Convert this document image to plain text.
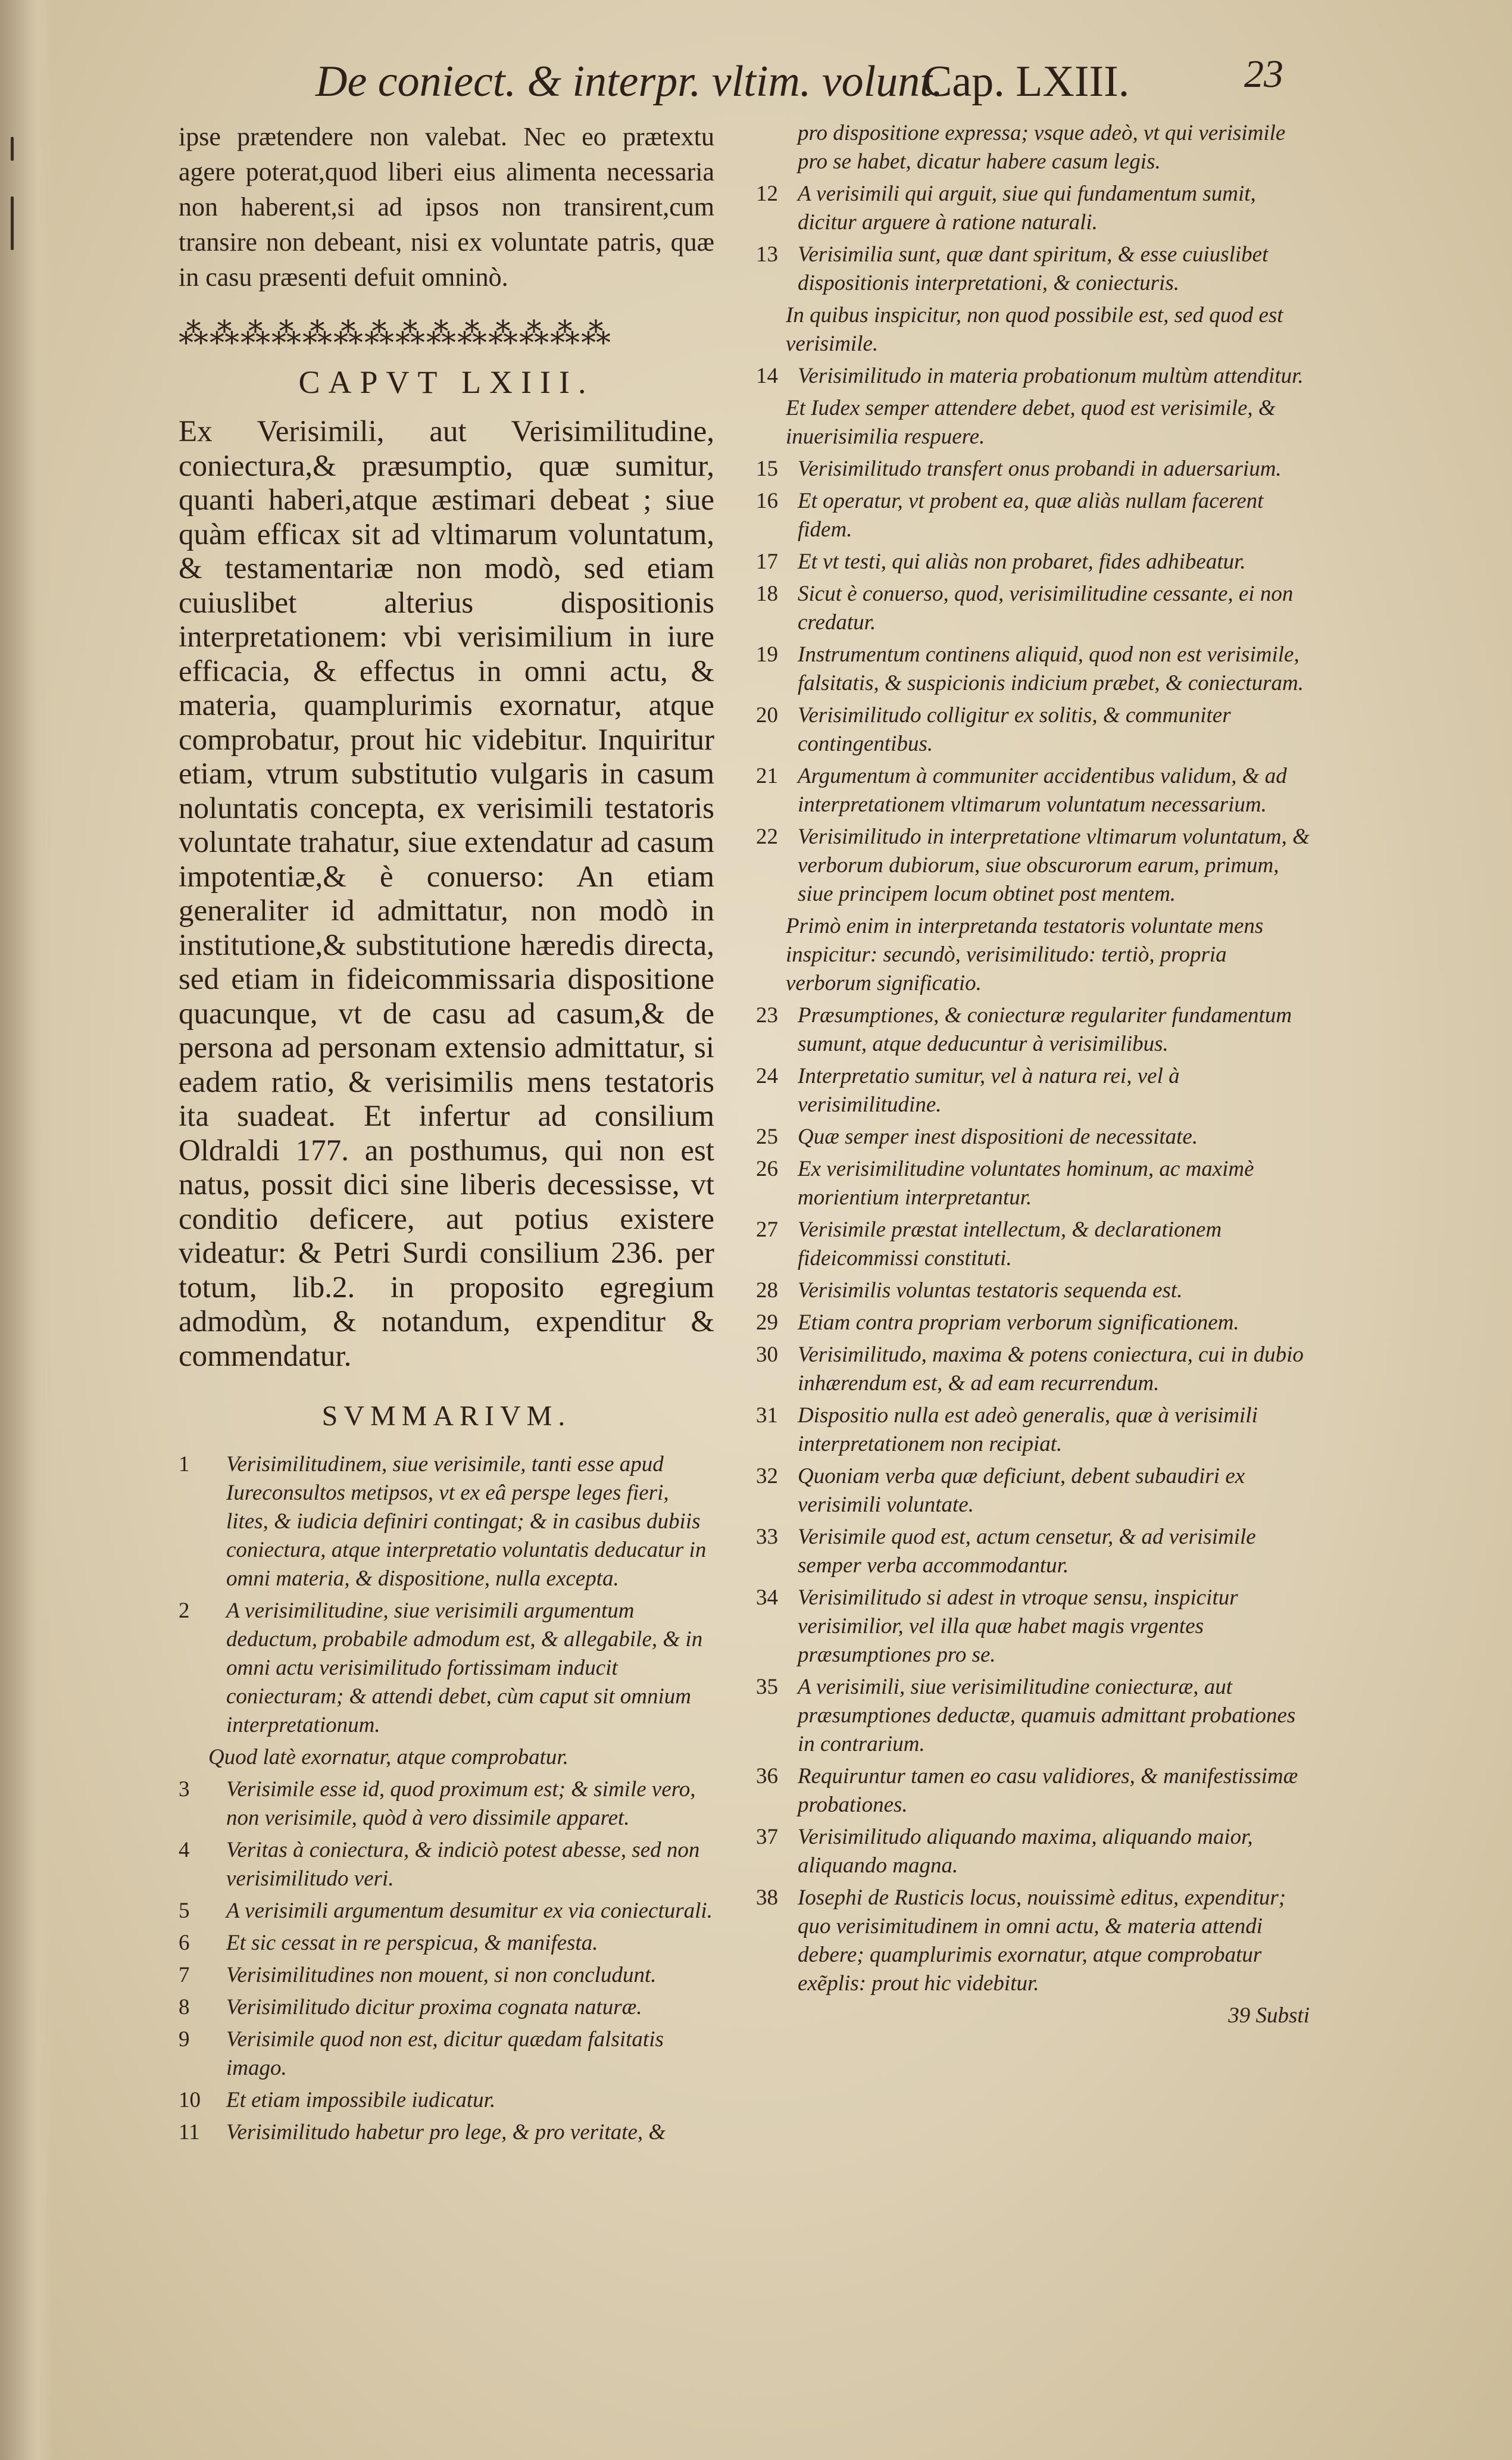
De coniect. & interpr. vltim. volunt.
Cap. LXIII.	23

ipse prætendere non valebat. Nec eo prætextu agere poterat,quod liberi eius alimenta necessaria non haberent,si ad ipsos non transirent,cum transire non debeant, nisi ex voluntate patris, quæ in casu præsenti defuit omninò.

⁂⁂⁂⁂⁂⁂⁂⁂⁂⁂⁂⁂⁂⁂
CAPVT LXIII.

Ex Verisimili, aut Verisimilitudine, coniectura,& præsumptio, quæ sumitur, quanti haberi,atque æstimari debeat ; siue quàm efficax sit ad vltimarum voluntatum, & testamentariæ non modò, sed etiam cuiuslibet alterius dispositionis interpretationem: vbi verisimilium in iure efficacia, & effectus in omni actu, & materia, quamplurimis exornatur, atque comprobatur, prout hic videbitur. Inquiritur etiam, vtrum substitutio vulgaris in casum noluntatis concepta, ex verisimili testatoris voluntate trahatur, siue extendatur ad casum impotentiæ,& è conuerso: An etiam generaliter id admittatur, non modò in institutione,& substitutione hæredis directa, sed etiam in fideicommissaria dispositione quacunque, vt de casu ad casum,& de persona ad personam extensio admittatur, si eadem ratio, & verisimilis mens testatoris ita suadeat. Et infertur ad consilium Oldraldi 177. an posthumus, qui non est natus, possit dici sine liberis decessisse, vt conditio deficere, aut potius existere videatur: & Petri Surdi consilium 236. per totum, lib.2. in proposito egregium admodùm, & notandum, expenditur & commendatur.

SVMMARIVM.
1	Verisimilitudinem, siue verisimile, tanti esse apud Iureconsultos metipsos, vt ex eâ perspe leges fieri, lites, & iudicia definiri contingat; & in casibus dubiis coniectura, atque interpretatio voluntatis deducatur in omni materia, & dispositione, nulla excepta.
2	A verisimilitudine, siue verisimili argumentum deductum, probabile admodum est, & allegabile, & in omni actu verisimilitudo fortissimam inducit coniecturam; & attendi debet, cùm caput sit omnium interpretationum.
Quod latè exornatur, atque comprobatur.
3	Verisimile esse id, quod proximum est; & simile vero, non verisimile, quòd à vero dissimile apparet.
4	Veritas à coniectura, & indiciò potest abesse, sed non verisimilitudo veri.
5	A verisimili argumentum desumitur ex via coniecturali.
6	Et sic cessat in re perspicua, & manifesta.
7	Verisimilitudines non mouent, si non concludunt.
8	Verisimilitudo dicitur proxima cognata naturæ.
9	Verisimile quod non est, dicitur quædam falsitatis imago.
10	Et etiam impossibile iudicatur.
11	Verisimilitudo habetur pro lege, & pro veritate, &
pro dispositione expressa; vsque adeò, vt qui verisimile pro se habet, dicatur habere casum legis.
12 A verisimili qui arguit, siue qui fundamentum sumit, dicitur arguere à ratione naturali.
13 Verisimilia sunt, quæ dant spiritum, & esse cuiuslibet dispositionis interpretationi, & coniecturis.
In quibus inspicitur, non quod possibile est, sed quod est verisimile.
14 Verisimilitudo in materia probationum multùm attenditur.
Et Iudex semper attendere debet, quod est verisimile, & inuerisimilia respuere.
15 Verisimilitudo transfert onus probandi in aduersarium.
16 Et operatur, vt probent ea, quæ aliàs nullam facerent fidem.
17 Et vt testi, qui aliàs non probaret, fides adhibeatur.
18 Sicut è conuerso, quod, verisimilitudine cessante, ei non credatur.
19 Instrumentum continens aliquid, quod non est verisimile, falsitatis, & suspicionis indicium præbet, & coniecturam.
20 Verisimilitudo colligitur ex solitis, & communiter contingentibus.
21 Argumentum à communiter accidentibus validum, & ad interpretationem vltimarum voluntatum necessarium.
22 Verisimilitudo in interpretatione vltimarum voluntatum, & verborum dubiorum, siue obscurorum earum, primum, siue principem locum obtinet post mentem.
Primò enim in interpretanda testatoris voluntate mens inspicitur: secundò, verisimilitudo: tertiò, propria verborum significatio.
23 Præsumptiones, & coniecturæ regulariter fundamentum sumunt, atque deducuntur à verisimilibus.
24 Interpretatio sumitur, vel à natura rei, vel à verisimilitudine.
25 Quæ semper inest dispositioni de necessitate.
26 Ex verisimilitudine voluntates hominum, ac maximè morientium interpretantur.
27 Verisimile præstat intellectum, & declarationem fideicommissi constituti.
28 Verisimilis voluntas testatoris sequenda est.
29 Etiam contra propriam verborum significationem.
30 Verisimilitudo, maxima & potens coniectura, cui in dubio inhærendum est, & ad eam recurrendum.
31 Dispositio nulla est adeò generalis, quæ à verisimili interpretationem non recipiat.
32 Quoniam verba quæ deficiunt, debent subaudiri ex verisimili voluntate.
33 Verisimile quod est, actum censetur, & ad verisimile semper verba accommodantur.
34 Verisimilitudo si adest in vtroque sensu, inspicitur verisimilior, vel illa quæ habet magis vrgentes præsumptiones pro se.
35 A verisimili, siue verisimilitudine coniecturæ, aut præsumptiones deductæ, quamuis admittant probationes in contrarium.
36 Requiruntur tamen eo casu validiores, & manifestissimæ probationes.
37 Verisimilitudo aliquando maxima, aliquando maior, aliquando magna.
38 Iosephi de Rusticis locus, nouissimè editus, expenditur; quo verisimitudinem in omni actu, & materia attendi debere; quamplurimis exornatur, atque comprobatur exẽplis: prout hic videbitur.
39 Substi
